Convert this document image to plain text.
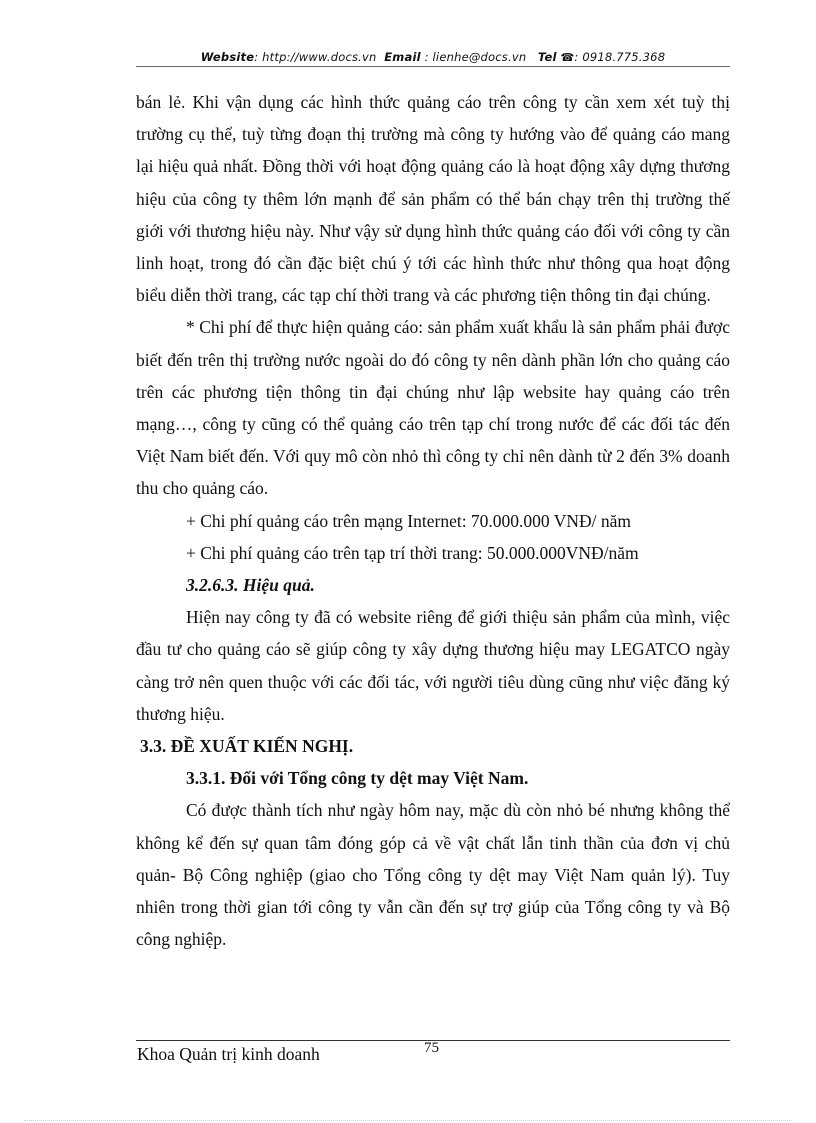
Website: http://www.docs.vn Email : lienhe@docs.vn Tel ☎: 0918.775.368

bán lẻ. Khi vận dụng các hình thức quảng cáo trên công ty cần xem xét tuỳ thị trường cụ thể, tuỳ từng đoạn thị trường mà công ty hướng vào để quảng cáo mang lại hiệu quả nhất. Đồng thời với hoạt động quảng cáo là hoạt động xây dựng thương hiệu của công ty thêm lớn mạnh để sản phẩm có thể bán chạy trên thị trường thế giới với thương hiệu này. Như vậy sử dụng hình thức quảng cáo đối với công ty cần linh hoạt, trong đó cần đặc biệt chú ý tới các hình thức như thông qua hoạt động biểu diễn thời trang, các tạp chí thời trang và các phương tiện thông tin đại chúng.

* Chi phí để thực hiện quảng cáo: sản phẩm xuất khẩu là sản phẩm phải được biết đến trên thị trường nước ngoài do đó công ty nên dành phần lớn cho quảng cáo trên các phương tiện thông tin đại chúng như lập website hay quảng cáo trên mạng…, công ty cũng có thể quảng cáo trên tạp chí trong nước để các đối tác đến Việt Nam biết đến. Với quy mô còn nhỏ thì công ty chỉ nên dành từ 2 đến 3% doanh thu cho quảng cáo.

+ Chi phí quảng cáo trên mạng Internet: 70.000.000 VNĐ/ năm

+ Chi phí quảng cáo trên tạp trí thời trang: 50.000.000VNĐ/năm

3.2.6.3. Hiệu quả.

Hiện nay công ty đã có website riêng để giới thiệu sản phẩm của mình, việc đầu tư cho quảng cáo sẽ giúp công ty xây dựng thương hiệu may LEGATCO ngày càng trở nên quen thuộc với các đối tác, với người tiêu dùng cũng như việc đăng ký thương hiệu.

3.3. ĐỀ XUẤT KIẾN NGHỊ.

3.3.1. Đối với Tổng công ty dệt may Việt Nam.

Có được thành tích như ngày hôm nay, mặc dù còn nhỏ bé nhưng không thể không kể đến sự quan tâm đóng góp cả về vật chất lẫn tinh thần của đơn vị chủ quản- Bộ Công nghiệp (giao cho Tổng công ty dệt may Việt Nam quản lý). Tuy nhiên trong thời gian tới công ty vẫn cần đến sự trợ giúp của Tổng công ty và Bộ công nghiệp.

Khoa Quản trị kinh doanh	75
